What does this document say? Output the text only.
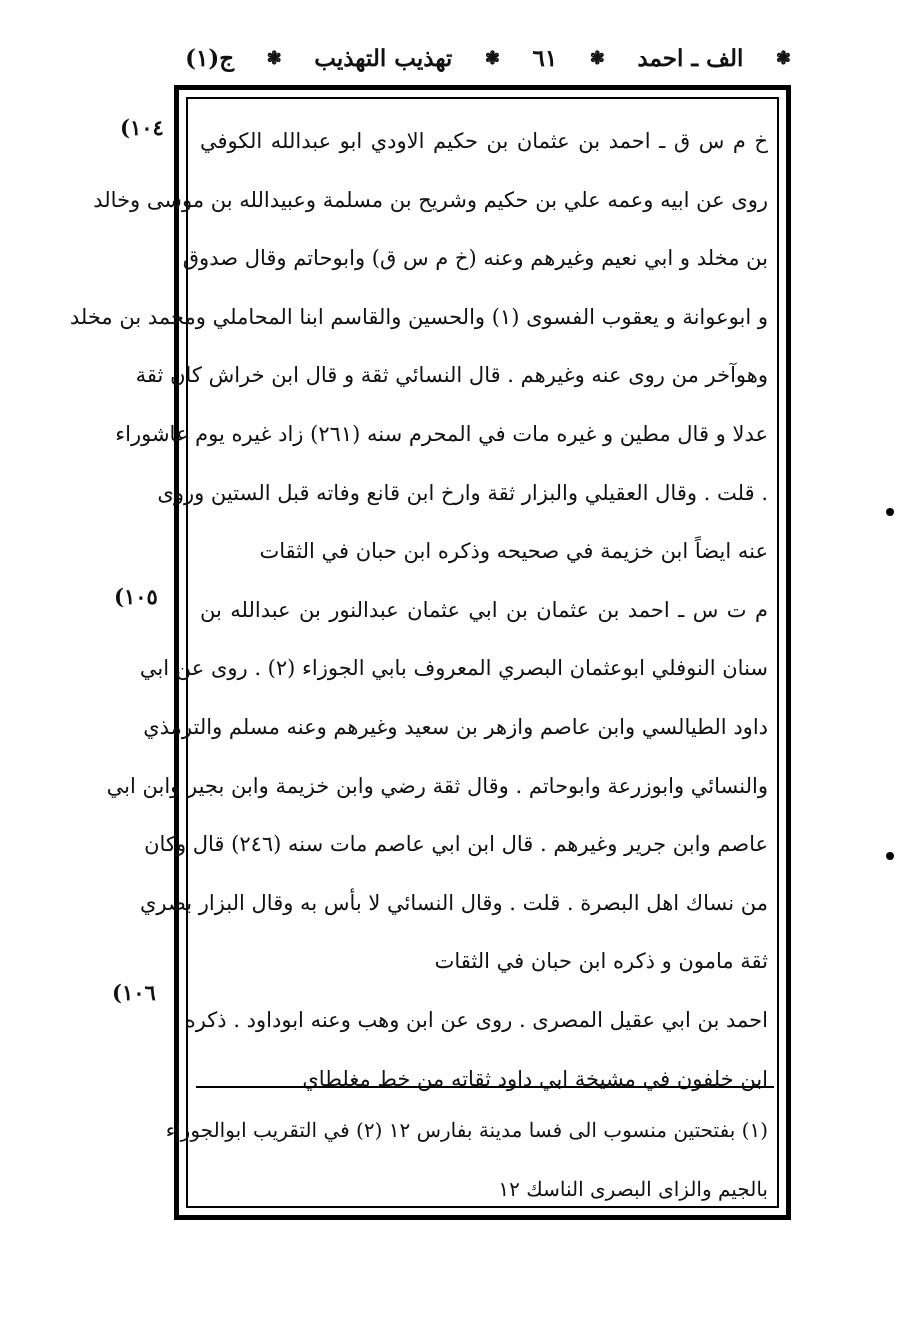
ج(١) ❃ تهذيب التهذيب ❃ ٦١ ❃ الف ـ احمد ❃
(١٠٤
(١٠٥
(١٠٦
خ م س ق ـ احمد بن عثمان بن حكيم الاودي ابو عبدالله الكوفي
روى عن ابيه وعمه علي بن حكيم وشريح بن مسلمة وعبيدالله بن موسى وخالد
بن مخلد و ابي نعيم وغيرهم وعنه (خ م س ق) وابوحاتم وقال صدوق
و ابوعوانة و يعقوب الفسوى (١) والحسين والقاسم ابنا المحاملي ومحمد بن مخلد
وهوآخر من روى عنه وغيرهم . قال النسائي ثقة و قال ابن خراش كان ثقة
عدلا و قال مطين و غيره مات في المحرم سنه (٢٦١) زاد غيره يوم عاشوراء
. قلت . وقال العقيلي والبزار ثقة وارخ ابن قانع وفاته قبل الستين وروى
عنه ايضاً ابن خزيمة في صحيحه وذكره ابن حبان في الثقات
م ت س ـ احمد بن عثمان بن ابي عثمان عبدالنور بن عبدالله بن
سنان النوفلي ابوعثمان البصري المعروف بابي الجوزاء (٢) . روى عن ابي
داود الطيالسي وابن عاصم وازهر بن سعيد وغيرهم وعنه مسلم والترمذي
والنسائي وابوزرعة وابوحاتم . وقال ثقة رضي وابن خزيمة وابن بجير وابن ابي
عاصم وابن جرير وغيرهم . قال ابن ابي عاصم مات سنه (٢٤٦) قال وكان
من نساك اهل البصرة . قلت . وقال النسائي لا بأس به وقال البزار بصري
ثقة مامون و ذكره ابن حبان في الثقات
احمد بن ابي عقيل المصرى . روى عن ابن وهب وعنه ابوداود . ذكره
ابن خلفون في مشيخة ابي داود ثقاته من خط مغلطاي
(١) بفتحتين منسوب الى فسا مدينة بفارس ١٢ (٢) في التقريب ابوالجوزاء
بالجيم والزاى البصرى الناسك ١٢
